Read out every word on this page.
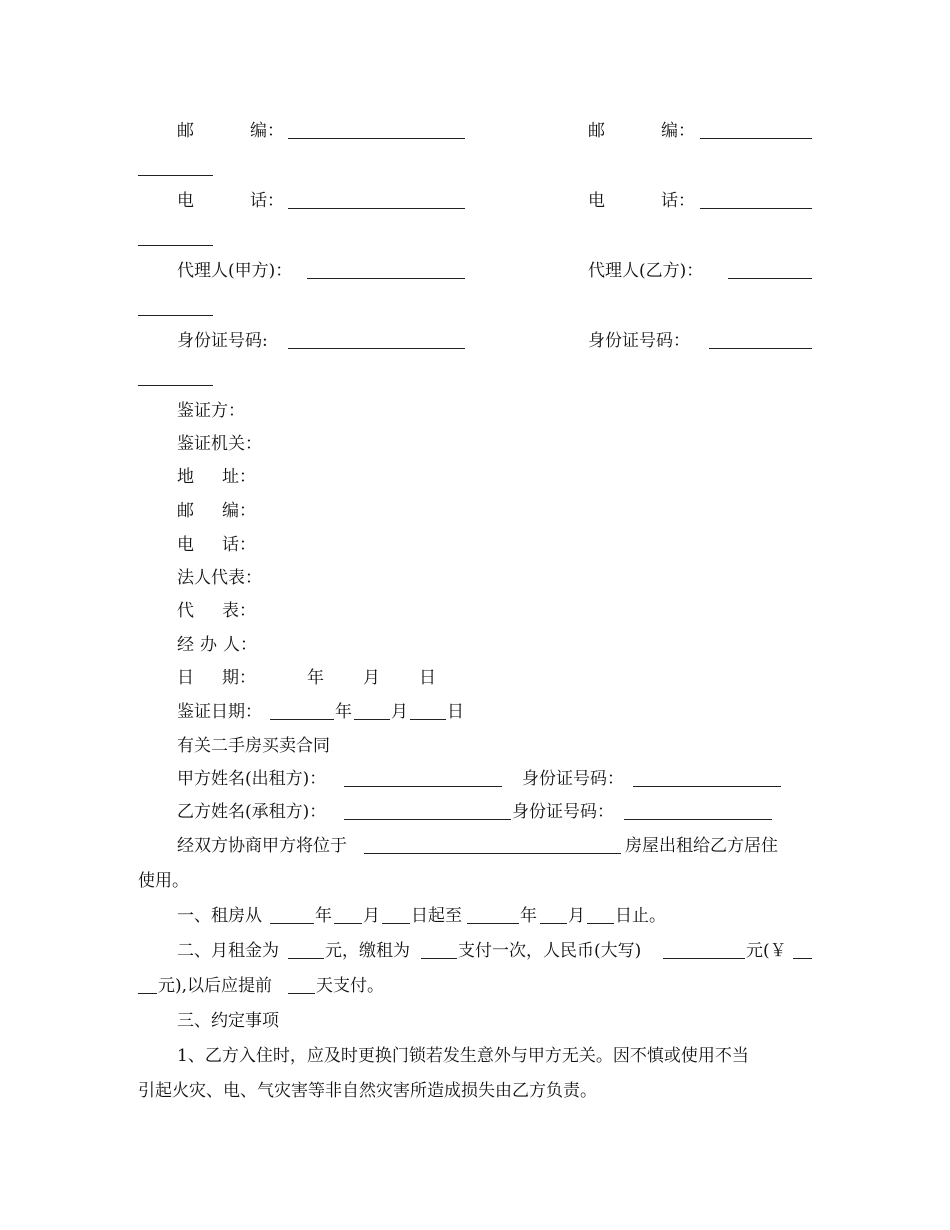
邮	编：	邮	编：
电	话：	电	话：
代理人(甲方)：	代理人(乙方)：
身份证号码:	身份证号码：
鉴证方：
鉴证机关：
地 址：
邮 编：
电 话：
法人代表：
代 表：
经 办 人：
日 期：	年 月 日
鉴证日期：	年 月 日
有关二手房买卖合同
甲方姓名(出租方)：	身份证号码：
乙方姓名(承租方)：	身份证号码：
经双方协商甲方将位于	房屋出租给乙方居住
使用。
一、租房从	年 月 日起至	年 月 日止。
二、月租金为	元，缴租为	支付一次，人民币(大写)	元(￥
元),以后应提前	天支付。
三、约定事项
1、乙方入住时，应及时更换门锁若发生意外与甲方无关。因不慎或使用不当
引起火灾、电、气灾害等非自然灾害所造成损失由乙方负责。
